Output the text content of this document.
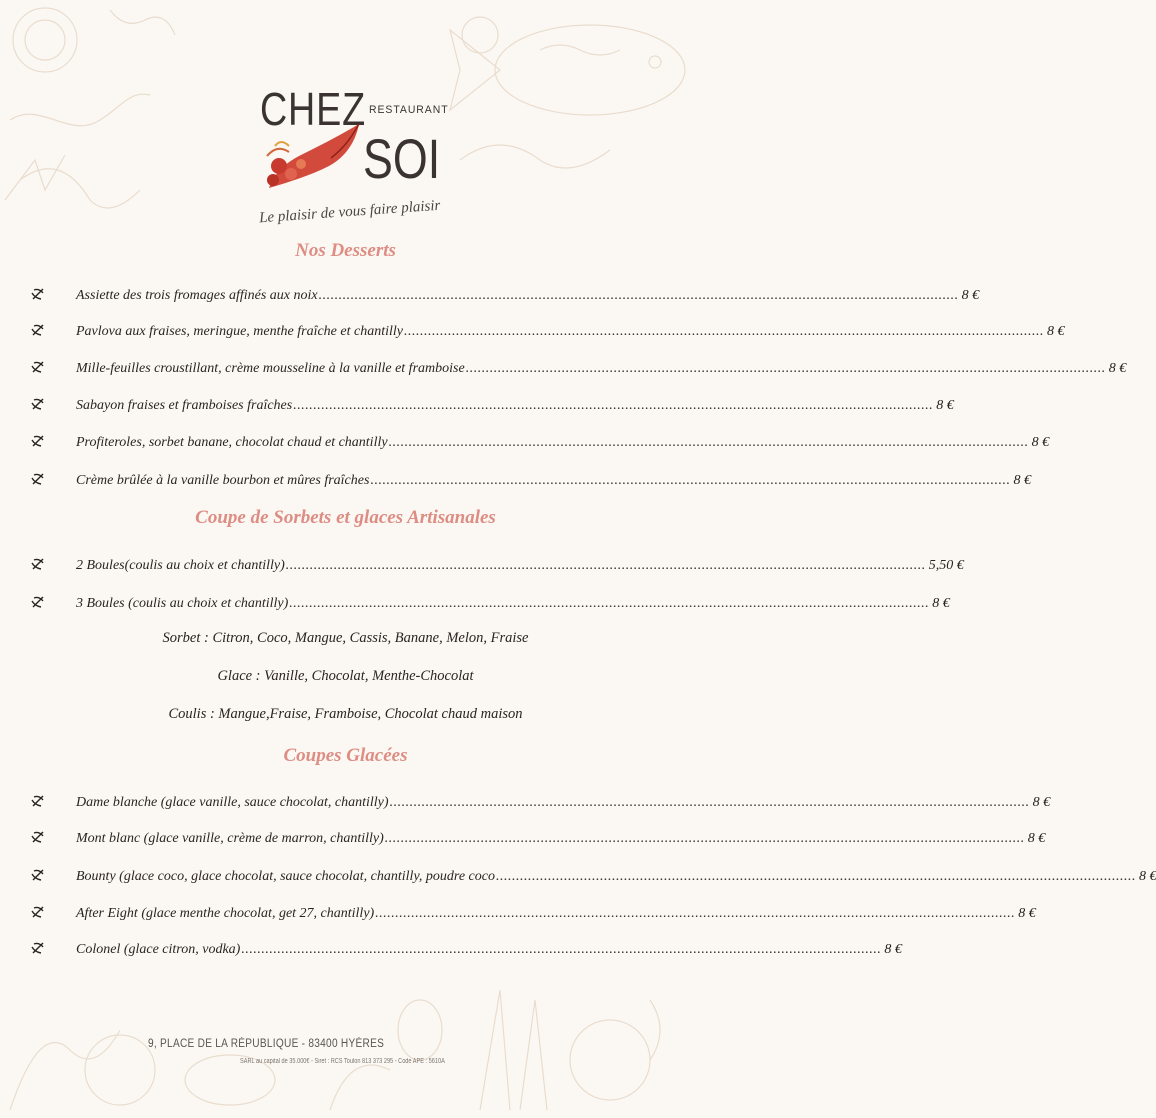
CHEZ RESTAURANT
SOI
Le plaisir de vous faire plaisir
Nos Desserts
Assiette des trois fromages affinés aux noix ................................................................................................................................................................ 8 €
Pavlova aux fraises, meringue, menthe fraîche et chantilly ................................................................................................................................................................ 8 €
Mille-feuilles croustillant, crème mousseline à la vanille et framboise ................................................................................................................................................................ 8 €
Sabayon fraises et framboises fraîches ................................................................................................................................................................ 8 €
Profiteroles, sorbet banane, chocolat chaud et chantilly ................................................................................................................................................................ 8 €
Crème brûlée à la vanille bourbon et mûres fraîches ................................................................................................................................................................ 8 €
Coupe de Sorbets et glaces Artisanales
2 Boules(coulis au choix et chantilly) ................................................................................................................................................................ 5,50 €
3 Boules (coulis au choix et chantilly) ................................................................................................................................................................ 8 €
Sorbet : Citron, Coco, Mangue, Cassis, Banane, Melon, Fraise
Glace : Vanille, Chocolat, Menthe-Chocolat
Coulis : Mangue,Fraise, Framboise, Chocolat chaud maison
Coupes Glacées
Dame blanche (glace vanille, sauce chocolat, chantilly) ................................................................................................................................................................ 8 €
Mont blanc (glace vanille, crème de marron, chantilly) ................................................................................................................................................................ 8 €
Bounty (glace coco, glace chocolat, sauce chocolat, chantilly, poudre coco ................................................................................................................................................................ 8 €
After Eight (glace menthe chocolat, get 27, chantilly) ................................................................................................................................................................ 8 €
Colonel (glace citron, vodka) ................................................................................................................................................................ 8 €
9, PLACE DE LA RÉPUBLIQUE - 83400 HYÈRES
SARL au capital de 35.000€ - Siret : RCS Toulon 813 373 295 - Code APE : 5610A
